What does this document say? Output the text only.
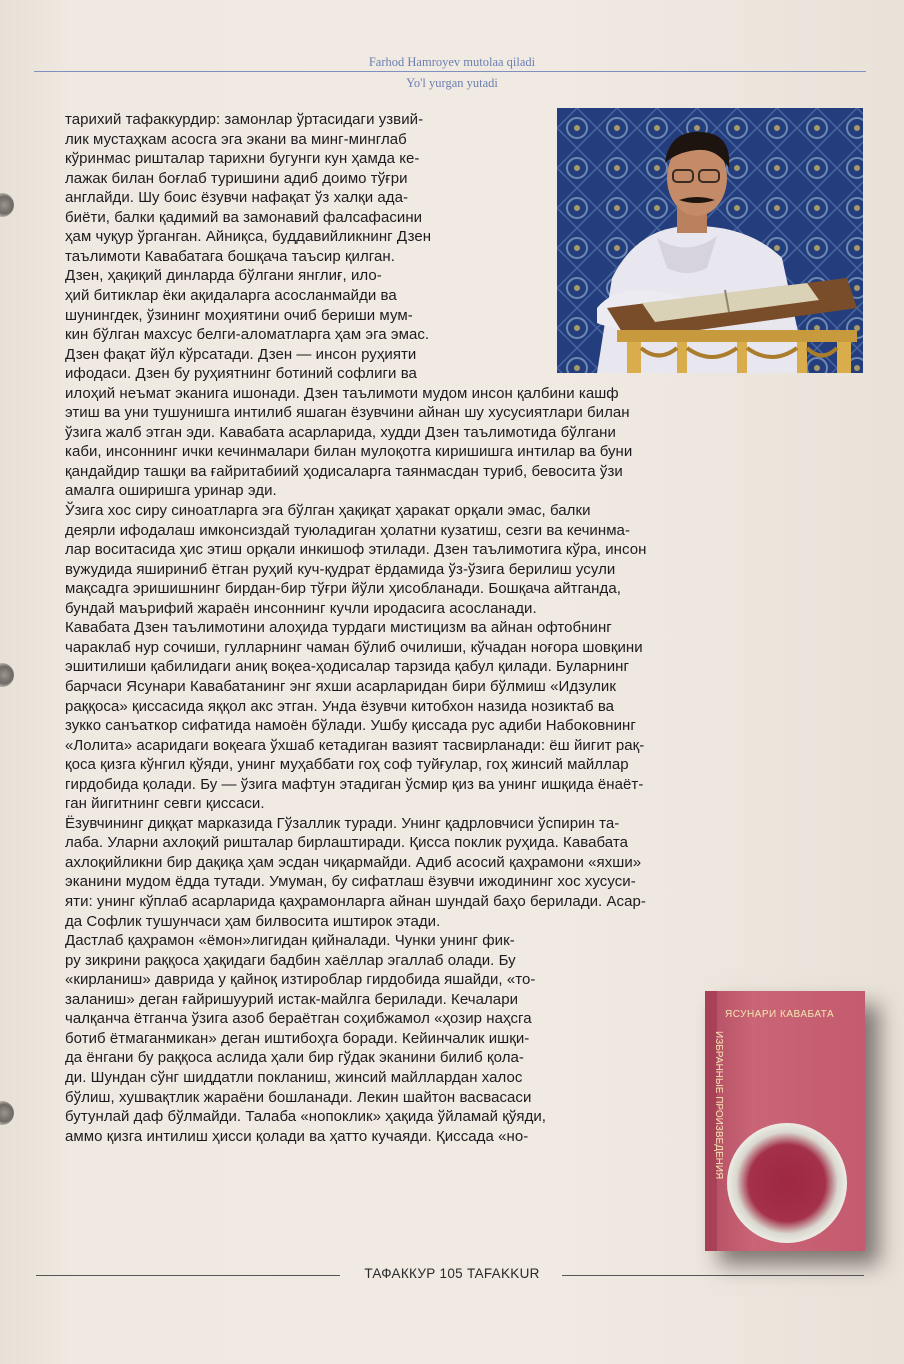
Farhod Hamroyev mutolaa qiladi
Yo'l yurgan yutadi
тарихий тафаккурдир: замонлар ўртасидаги узвий-
лик мустаҳкам асосга эга экани ва минг-минглаб
кўринмас ришталар тарихни бугунги кун ҳамда ке-
лажак билан боғлаб туришини адиб доимо тўғри
англайди. Шу боис ёзувчи нафақат ўз халқи ада-
биёти, балки қадимий ва замонавий фалсафасини
ҳам чуқур ўрганган. Айниқса, буддавийликнинг Дзен
таълимоти Кавабатага бошқача таъсир қилган.
Дзен, ҳақиқий динларда бўлгани янглиғ, ило-
ҳий битиклар ёки ақидаларга асосланмайди ва
шунингдек, ўзининг моҳиятини очиб бериши мум-
кин бўлган махсус белги-аломатларга ҳам эга эмас.
Дзен фақат йўл кўрсатади. Дзен — инсон руҳияти
ифодаси. Дзен бу руҳиятнинг ботиний софлиги ва
илоҳий неъмат эканига ишонади. Дзен таълимоти мудом инсон қалбини кашф
этиш ва уни тушунишга интилиб яшаган ёзувчини айнан шу хусусиятлари билан
ўзига жалб этган эди. Кавабата асарларида, худди Дзен таълимотида бўлгани
каби, инсоннинг ички кечинмалари билан мулоқотга киришишга интилар ва буни
қандайдир ташқи ва ғайритабиий ҳодисаларга таянмасдан туриб, бевосита ўзи
амалга оширишга уринар эди.
Ўзига хос сиру синоатларга эга бўлган ҳақиқат ҳаракат орқали эмас, балки
деярли ифодалаш имконсиздай туюладиган ҳолатни кузатиш, сезги ва кечинма-
лар воситасида ҳис этиш орқали инкишоф этилади. Дзен таълимотига кўра, инсон
вужудида яшириниб ётган руҳий куч-қудрат ёрдамида ўз-ўзига берилиш усули
мақсадга эришишнинг бирдан-бир тўғри йўли ҳисобланади. Бошқача айтганда,
бундай маърифий жараён инсоннинг кучли иродасига асосланади.
Кавабата Дзен таълимотини алоҳида турдаги мистицизм ва айнан офтобнинг
чараклаб нур сочиши, гулларнинг чаман бўлиб очилиши, кўчадан ноғора шовқини
эшитилиши қабилидаги аниқ воқеа-ҳодисалар тарзида қабул қилади. Буларнинг
барчаси Ясунари Кавабатанинг энг яхши асарларидан бири бўлмиш «Идзулик
раққоса» қиссасида яққол акс этган. Унда ёзувчи китобхон назида нозиктаб ва
зукко санъаткор сифатида намоён бўлади. Ушбу қиссада рус адиби Набоковнинг
«Лолита» асаридаги воқеага ўхшаб кетадиган вазият тасвирланади: ёш йигит рақ-
қоса қизга кўнгил қўяди, унинг муҳаббати гоҳ соф туйғулар, гоҳ жинсий майллар
гирдобида қолади. Бу — ўзига мафтун этадиган ўсмир қиз ва унинг ишқида ёнаёт-
ган йигитнинг севги қиссаси.
Ёзувчининг диққат марказида Гўзаллик туради. Унинг қадрловчиси ўспирин та-
лаба. Уларни ахлоқий ришталар бирлаштиради. Қисса поклик руҳида. Кавабата
ахлоқийликни бир дақиқа ҳам эсдан чиқармайди. Адиб асосий қаҳрамони «яхши»
эканини мудом ёдда тутади. Умуман, бу сифатлаш ёзувчи ижодининг хос хусуси-
яти: унинг кўплаб асарларида қаҳрамонларга айнан шундай баҳо берилади. Асар-
да Софлик тушунчаси ҳам билвосита иштирок этади.
Дастлаб қаҳрамон «ёмон»лигидан қийналади. Чунки унинг фик-
ру зикрини раққоса ҳақидаги бадбин хаёллар эгаллаб олади. Бу
«кирланиш» даврида у қайноқ изтироблар гирдобида яшайди, «то-
заланиш» деган ғайришуурий истак-майлга берилади. Кечалари
чалқанча ётганча ўзига азоб бераётган соҳибжамол «ҳозир наҳсга
ботиб ётмаганмикан» деган иштибоҳга боради. Кейинчалик ишқи-
да ёнгани бу раққоса аслида ҳали бир гўдак эканини билиб қола-
ди. Шундан сўнг шиддатли покланиш, жинсий майллардан халос
бўлиш, хушвақтлик жараёни бошланади. Лекин шайтон васвасаси
бутунлай даф бўлмайди. Талаба «нопоклик» ҳақида ўйламай қўяди,
аммо қизга интилиш ҳисси қолади ва ҳатто кучаяди. Қиссада «но-
ЯСУНАРИ КАВАБАТА
ИЗБРАННЫЕ ПРОИЗВЕДЕНИЯ
ТАФАККУР 105 TAFAKKUR
